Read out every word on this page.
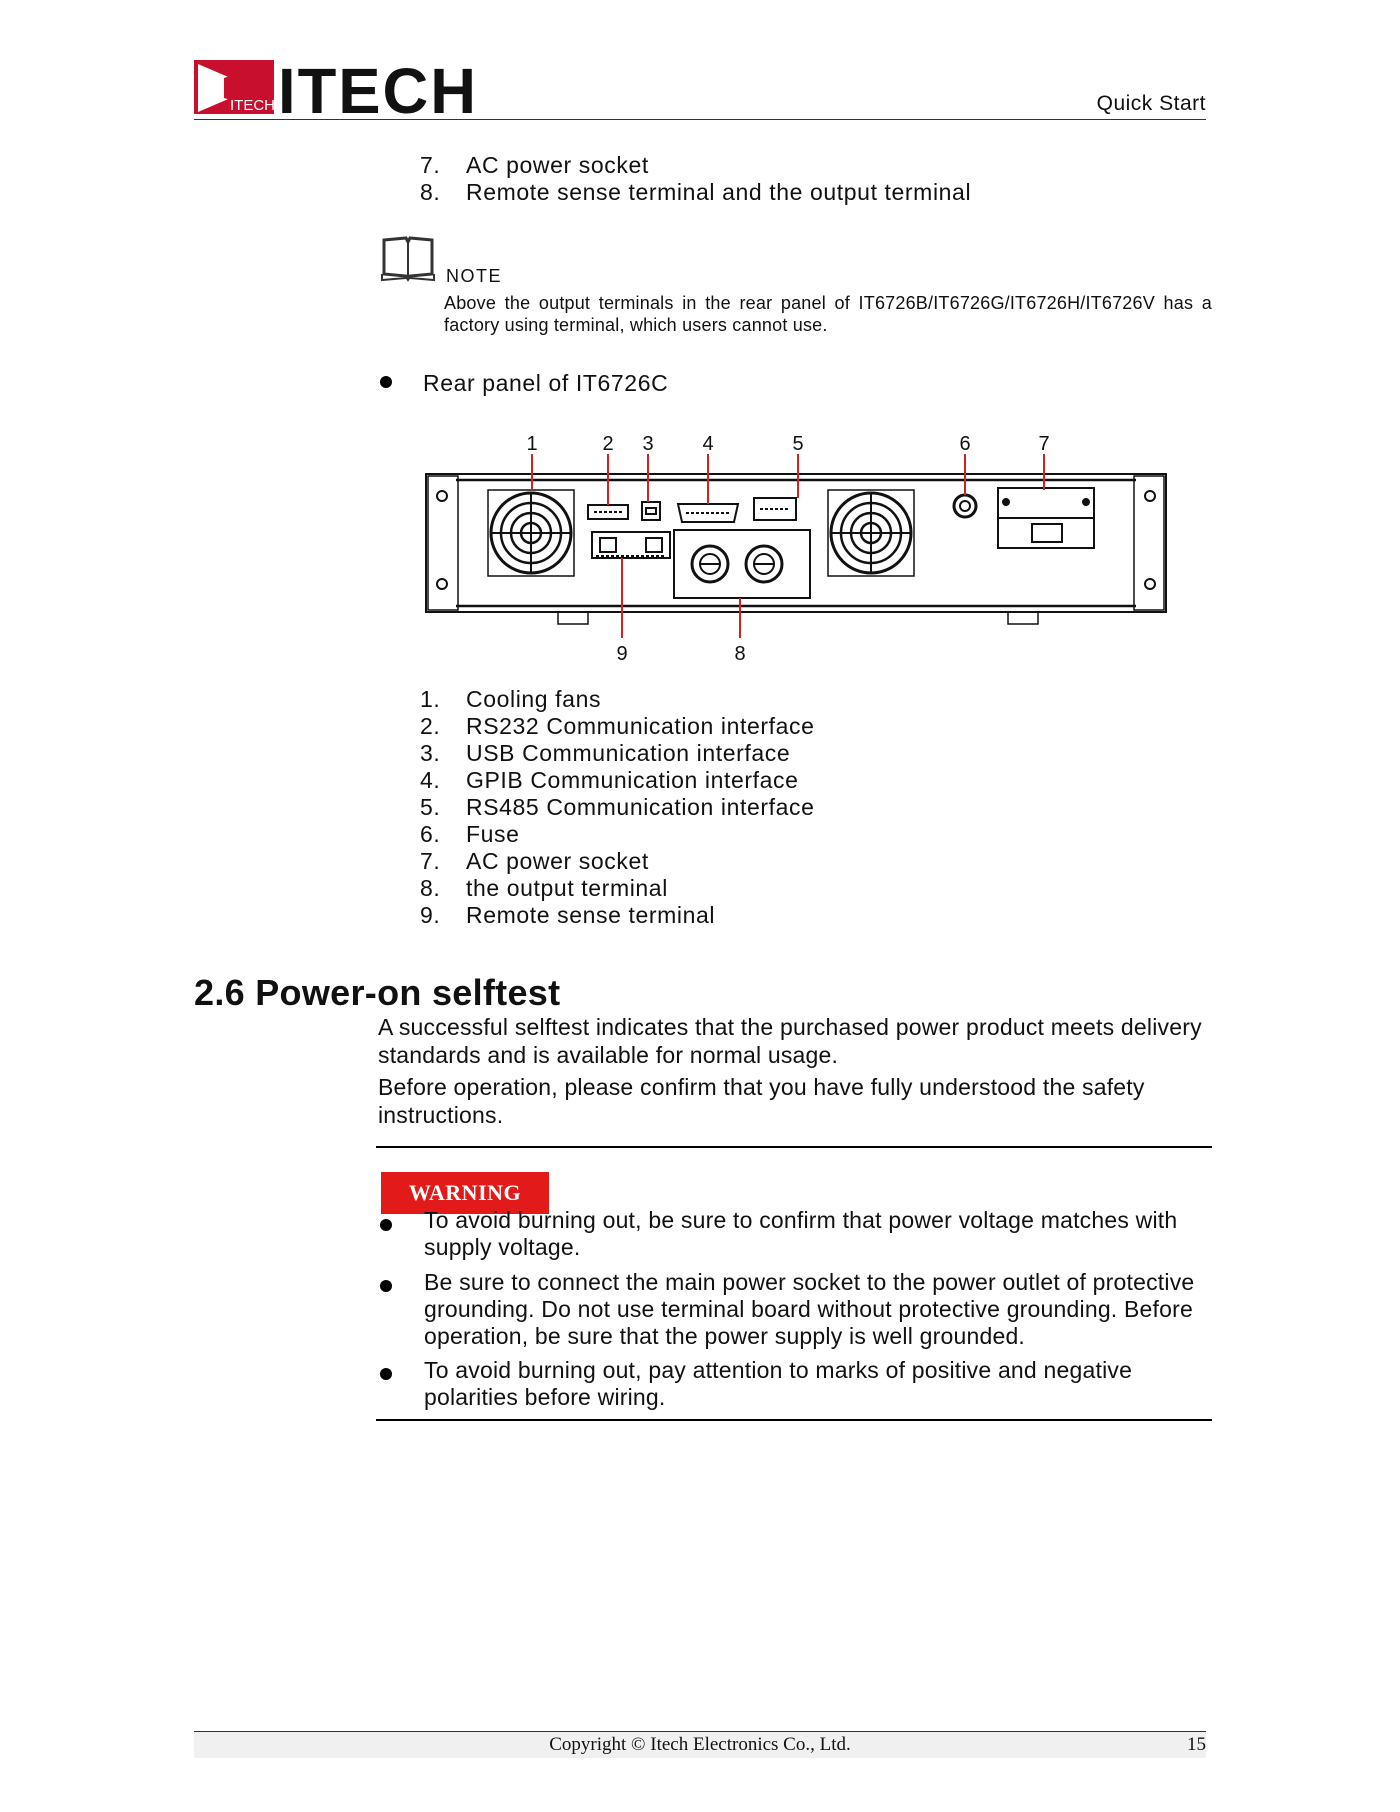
ITECH ITECH	Quick Start
7. AC power socket
8. Remote sense terminal and the output terminal
NOTE
Above the output terminals in the rear panel of IT6726B/IT6726G/IT6726H/IT6726V has a factory using terminal, which users cannot use.
Rear panel of IT6726C
1	2 3 4	5	6	7
9	8
1. Cooling fans
2. RS232 Communication interface
3. USB Communication interface
4. GPIB Communication interface
5. RS485 Communication interface
6. Fuse
7. AC power socket
8. the output terminal
9. Remote sense terminal
2.6 Power-on selftest
A successful selftest indicates that the purchased power product meets delivery standards and is available for normal usage.
Before operation, please confirm that you have fully understood the safety instructions.
WARNING
To avoid burning out, be sure to confirm that power voltage matches with supply voltage.
Be sure to connect the main power socket to the power outlet of protective grounding. Do not use terminal board without protective grounding. Before operation, be sure that the power supply is well grounded.
To avoid burning out, pay attention to marks of positive and negative polarities before wiring.
Copyright © Itech Electronics Co., Ltd.	15
